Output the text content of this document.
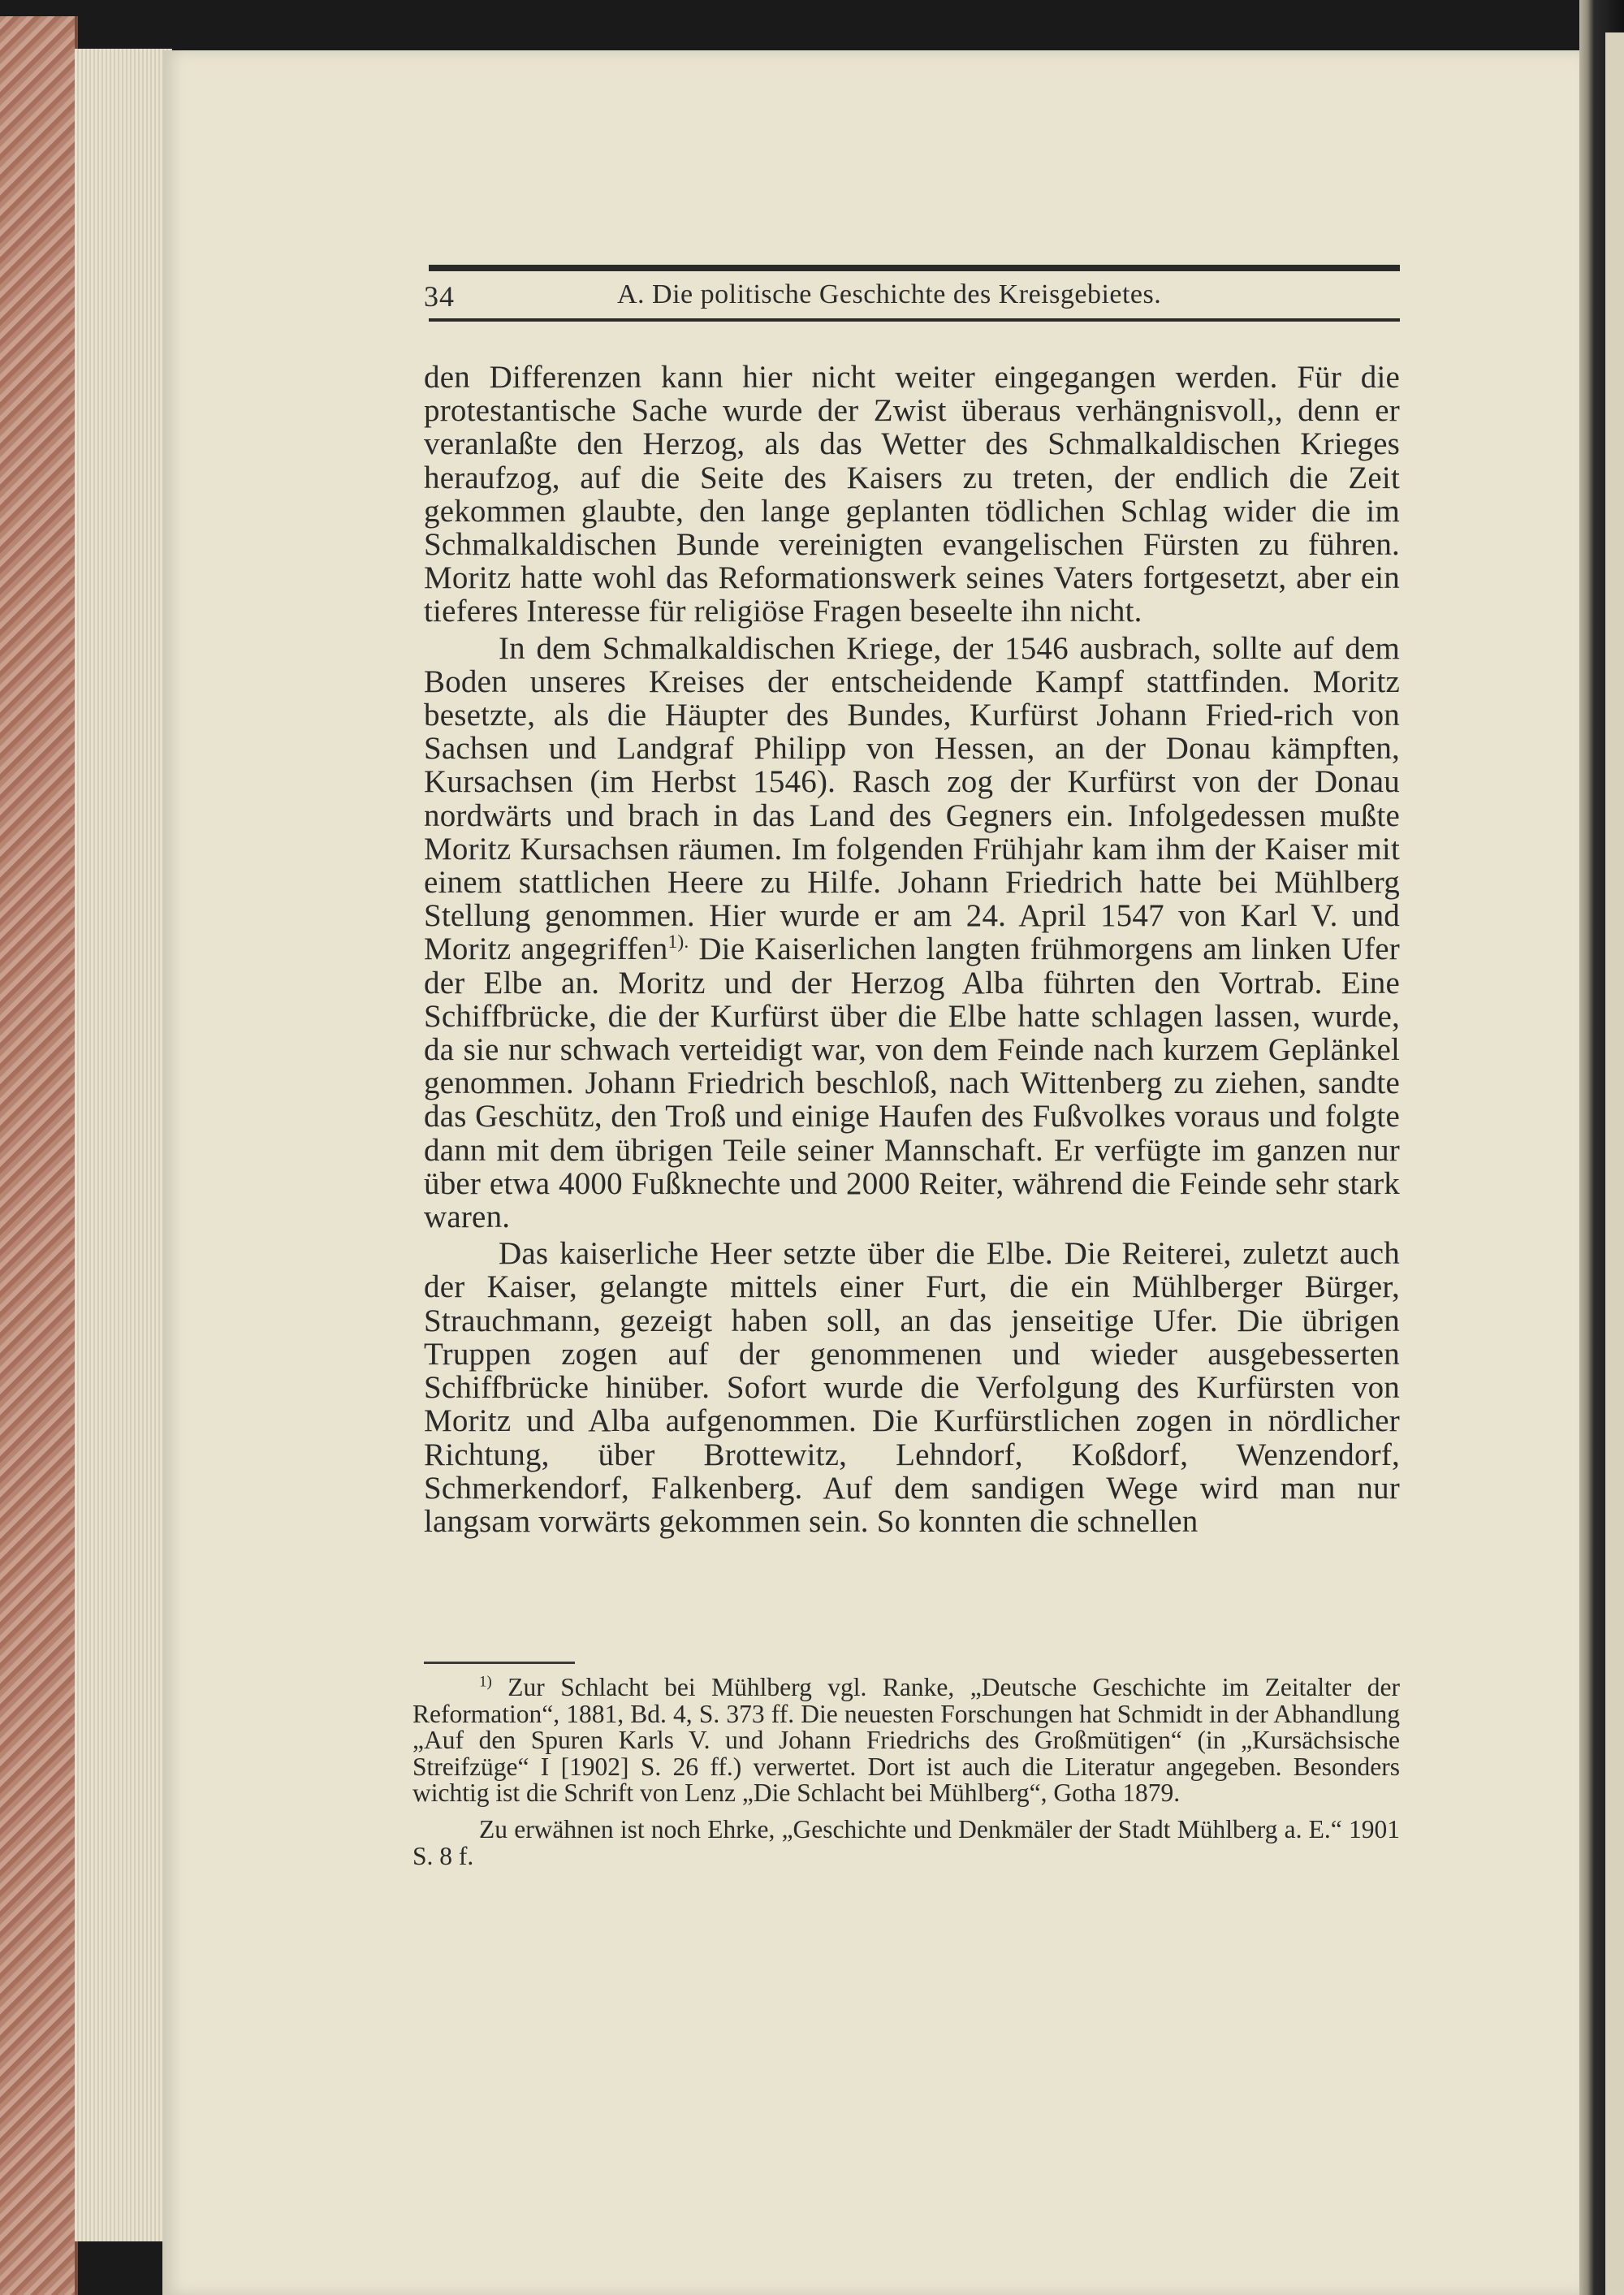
34	A. Die politische Geschichte des Kreisgebietes.

den Differenzen kann hier nicht weiter eingegangen werden. Für die protestantische Sache wurde der Zwist überaus verhängnisvoll,, denn er veranlaßte den Herzog, als das Wetter des Schmalkaldischen Krieges heraufzog, auf die Seite des Kaisers zu treten, der endlich die Zeit gekommen glaubte, den lange geplanten tödlichen Schlag wider die im Schmalkaldischen Bunde vereinigten evangelischen Fürsten zu führen. Moritz hatte wohl das Reformationswerk seines Vaters fortgesetzt, aber ein tieferes Interesse für religiöse Fragen beseelte ihn nicht.

In dem Schmalkaldischen Kriege, der 1546 ausbrach, sollte auf dem Boden unseres Kreises der entscheidende Kampf stattfinden. Moritz besetzte, als die Häupter des Bundes, Kurfürst Johann Fried-rich von Sachsen und Landgraf Philipp von Hessen, an der Donau kämpften, Kursachsen (im Herbst 1546). Rasch zog der Kurfürst von der Donau nordwärts und brach in das Land des Gegners ein. Infolgedessen mußte Moritz Kursachsen räumen. Im folgenden Frühjahr kam ihm der Kaiser mit einem stattlichen Heere zu Hilfe. Johann Friedrich hatte bei Mühlberg Stellung genommen. Hier wurde er am 24. April 1547 von Karl V. und Moritz angegriffen$^{1).}$ Die Kaiserlichen langten frühmorgens am linken Ufer der Elbe an. Moritz und der Herzog Alba führten den Vortrab. Eine Schiffbrücke, die der Kurfürst über die Elbe hatte schlagen lassen, wurde, da sie nur schwach verteidigt war, von dem Feinde nach kurzem Geplänkel genommen. Johann Friedrich beschloß, nach Wittenberg zu ziehen, sandte das Geschütz, den Troß und einige Haufen des Fußvolkes voraus und folgte dann mit dem übrigen Teile seiner Mannschaft. Er verfügte im ganzen nur über etwa 4000 Fußknechte und 2000 Reiter, während die Feinde sehr stark waren.

Das kaiserliche Heer setzte über die Elbe. Die Reiterei, zuletzt auch der Kaiser, gelangte mittels einer Furt, die ein Mühlberger Bürger, Strauchmann, gezeigt haben soll, an das jenseitige Ufer. Die übrigen Truppen zogen auf der genommenen und wieder ausgebesserten Schiffbrücke hinüber. Sofort wurde die Verfolgung des Kurfürsten von Moritz und Alba aufgenommen. Die Kurfürstlichen zogen in nördlicher Richtung, über Brottewitz, Lehndorf, Koßdorf, Wenzendorf, Schmerkendorf, Falkenberg. Auf dem sandigen Wege wird man nur langsam vorwärts gekommen sein. So konnten die schnellen

$^{1)}$ Zur Schlacht bei Mühlberg vgl. Ranke, „Deutsche Geschichte im Zeitalter der Reformation“, 1881, Bd. 4, S. 373 ff. Die neuesten Forschungen hat Schmidt in der Abhandlung „Auf den Spuren Karls V. und Johann Friedrichs des Großmütigen“ (in „Kursächsische Streifzüge“ I [1902] S. 26 ff.) verwertet. Dort ist auch die Literatur angegeben. Besonders wichtig ist die Schrift von Lenz „Die Schlacht bei Mühlberg“, Gotha 1879.

Zu erwähnen ist noch Ehrke, „Geschichte und Denkmäler der Stadt Mühlberg a. E.“ 1901 S. 8 f.
